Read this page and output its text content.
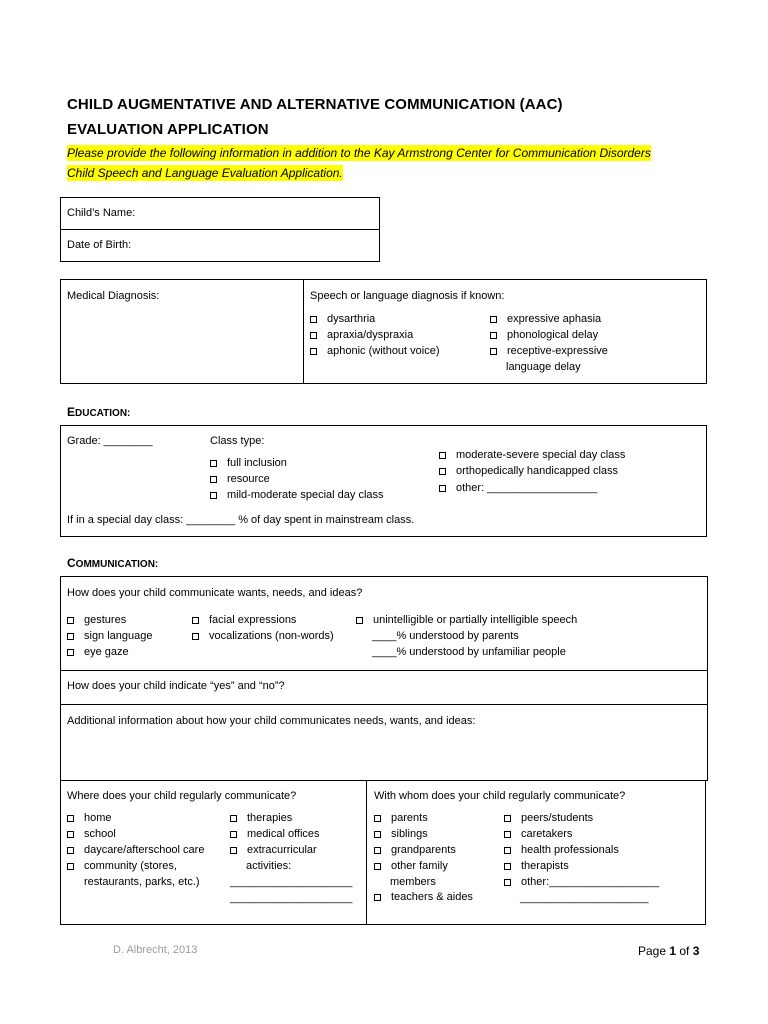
CHILD AUGMENTATIVE AND ALTERNATIVE COMMUNICATION (AAC)
EVALUATION APPLICATION
Please provide the following information in addition to the Kay Armstrong Center for Communication Disorders
Child Speech and Language Evaluation Application.
Child’s Name:
Date of Birth:
Medical Diagnosis:	Speech or language diagnosis if known:
dysarthria
apraxia/dyspraxia
aphonic (without voice)
expressive aphasia
phonological delay
receptive-expressive
language delay
EDUCATION:
Grade: ________	Class type:
full inclusion
resource
mild-moderate special day class
moderate-severe special day class
orthopedically handicapped class
other: __________________
If in a special day class: ________ % of day spent in mainstream class.
COMMUNICATION:
How does your child communicate wants, needs, and ideas?
gestures
sign language
eye gaze
facial expressions
vocalizations (non-words)
unintelligible or partially intelligible speech
____% understood by parents
____% understood by unfamiliar people
How does your child indicate “yes” and “no”?
Additional information about how your child communicates needs, wants, and ideas:
Where does your child regularly communicate?
home
school
daycare/afterschool care
community (stores,
restaurants, parks, etc.)
therapies
medical offices
extracurricular
activities:
____________________
____________________
With whom does your child regularly communicate?
parents
siblings
grandparents
other family
members
teachers & aides
peers/students
caretakers
health professionals
therapists
other:__________________
_____________________
D. Albrecht, 2013	Page 1 of 3
